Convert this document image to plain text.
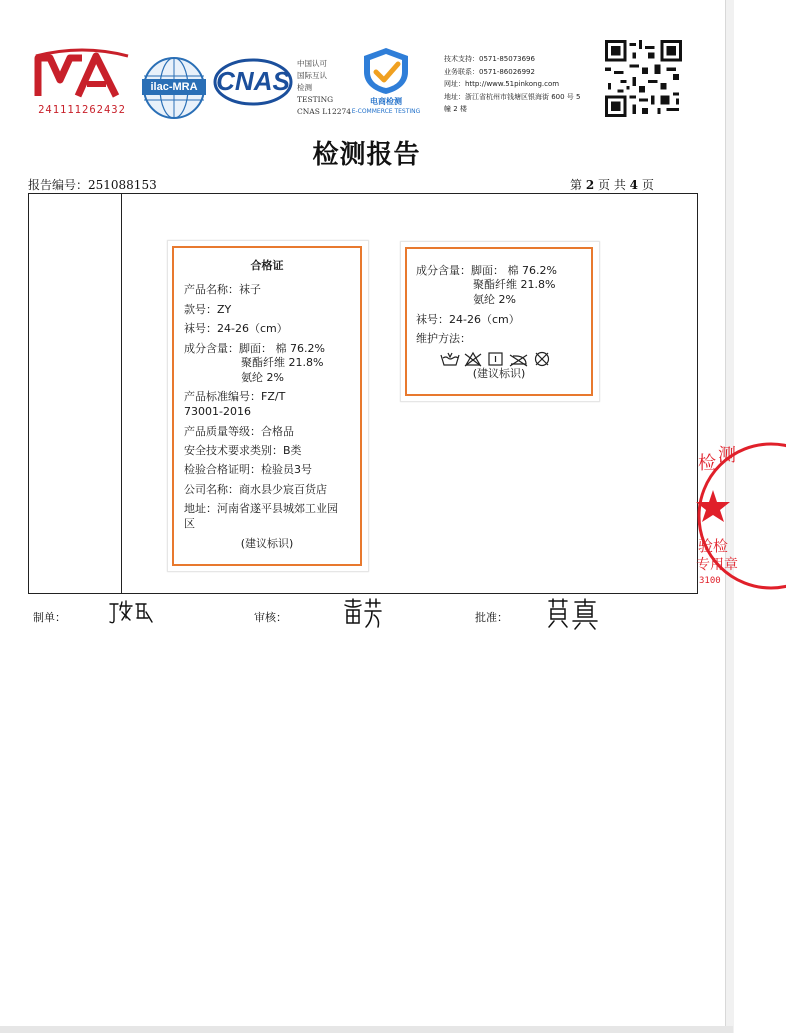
241111262432
ilac-MRA CNAS
中国认可
国际互认
检测
TESTING
CNAS L12274
电商检测
E-COMMERCE TESTING
技术支持：0571-85073696
业务联系：0571-86026992
网址：http://www.51pinkong.com
地址：浙江省杭州市钱塘区银海街 600 号 5
幢 2 楼
检测报告
报告编号：251088153	第 2 页 共 4 页
合格证
产品名称：袜子
款号：ZY
袜号：24-26（cm）
成分含量：脚面： 棉 76.2%
聚酯纤维 21.8%
氨纶 2%
产品标准编号：FZ/T
73001-2016
产品质量等级：合格品
安全技术要求类别：B类
检验合格证明：检验员3号
公司名称：商水县少宸百货店
地址：河南省遂平县城郊工业园
区
(建议标识)
成分含量：脚面： 棉 76.2%
聚酯纤维 21.8%
氨纶 2%
袜号：24-26（cm）
维护方法：
(建议标识)
检 测
验检
专用章
3100
制单：	审核：	批准：
